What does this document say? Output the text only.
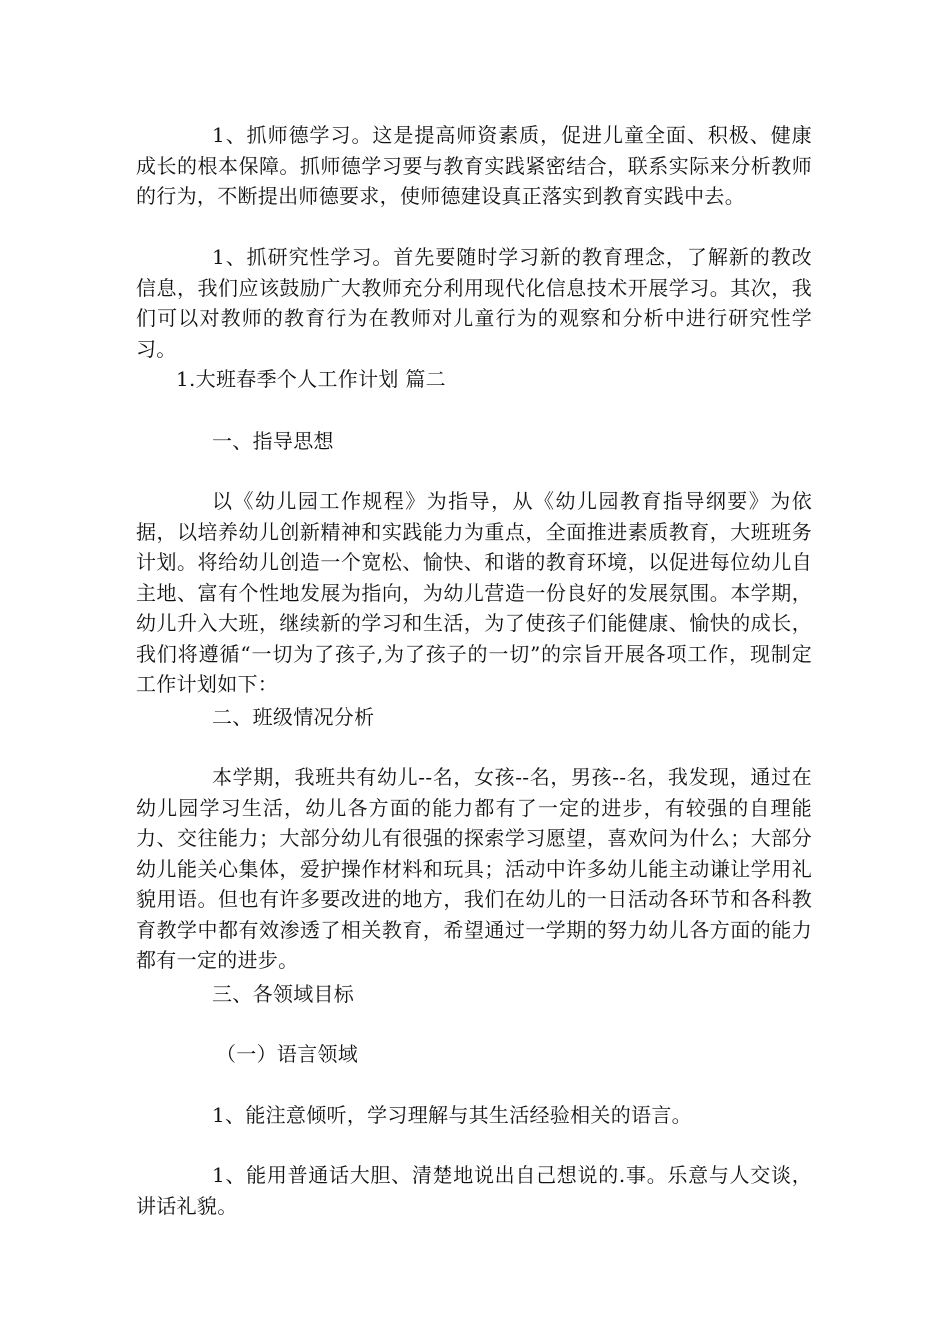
1、抓师德学习。这是提高师资素质，促进儿童全面、积极、健康成长的根本保障。抓师德学习要与教育实践紧密结合，联系实际来分析教师的行为，不断提出师德要求，使师德建设真正落实到教育实践中去。

1、抓研究性学习。首先要随时学习新的教育理念，了解新的教改信息，我们应该鼓励广大教师充分利用现代化信息技术开展学习。其次，我们可以对教师的教育行为在教师对儿童行为的观察和分析中进行研究性学习。

1.大班春季个人工作计划 篇二

一、指导思想

以《幼儿园工作规程》为指导，从《幼儿园教育指导纲要》为依据，以培养幼儿创新精神和实践能力为重点，全面推进素质教育，大班班务计划。将给幼儿创造一个宽松、愉快、和谐的教育环境，以促进每位幼儿自主地、富有个性地发展为指向，为幼儿营造一份良好的发展氛围。本学期，幼儿升入大班，继续新的学习和生活，为了使孩子们能健康、愉快的成长，我们将遵循“一切为了孩子,为了孩子的一切”的宗旨开展各项工作，现制定工作计划如下：

二、班级情况分析

本学期，我班共有幼儿--名，女孩--名，男孩--名，我发现，通过在幼儿园学习生活，幼儿各方面的能力都有了一定的进步，有较强的自理能力、交往能力；大部分幼儿有很强的探索学习愿望，喜欢问为什么；大部分幼儿能关心集体，爱护操作材料和玩具；活动中许多幼儿能主动谦让学用礼貌用语。但也有许多要改进的地方，我们在幼儿的一日活动各环节和各科教育教学中都有效渗透了相关教育，希望通过一学期的努力幼儿各方面的能力都有一定的进步。

三、各领域目标

（一）语言领域

1、能注意倾听，学习理解与其生活经验相关的语言。

1、能用普通话大胆、清楚地说出自己想说的.事。乐意与人交谈，讲话礼貌。
